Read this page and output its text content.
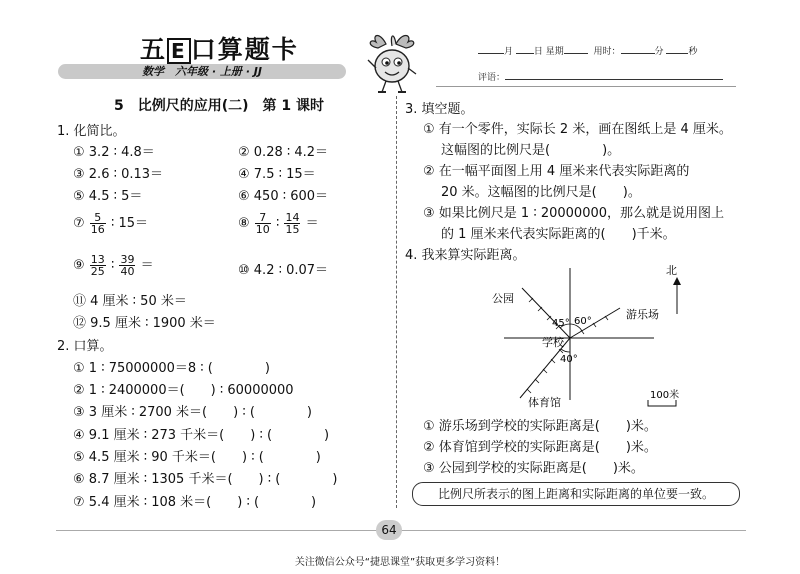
五 E 口算题卡
数学　六年级 · 上册 · JJ
月 日 星期	用时：	分	秒
评语：
5　比例尺的应用(二)　第 1 课时
1. 化简比。
① 3.2 ∶ 4.8＝	② 0.28 ∶ 4.2＝
③ 2.6 ∶ 0.13＝	④ 7.5 ∶ 15＝
⑤ 4.5 ∶ 5＝	⑥ 450 ∶ 600＝
⑦ $\frac{5}{16}$ ∶ 15＝	⑧ $\frac{7}{10}$ ∶ $\frac{14}{15}$ ＝
⑨ $\frac{13}{25}$ ∶ $\frac{39}{40}$ ＝	⑩ 4.2 ∶ 0.07＝
⑪ 4 厘米 ∶ 50 米＝
⑫ 9.5 厘米 ∶ 1900 米＝
2. 口算。
① 1 ∶ 75000000＝8 ∶ (　　　　)
② 1 ∶ 2400000＝(　　) ∶ 60000000
③ 3 厘米 ∶ 2700 米＝(　　) ∶ (　　　　)
④ 9.1 厘米 ∶ 273 千米＝(　　) ∶ (　　　　)
⑤ 4.5 厘米 ∶ 90 千米＝(　　) ∶ (　　　　)
⑥ 8.7 厘米 ∶ 1305 千米＝(　　) ∶ (　　　　)
⑦ 5.4 厘米 ∶ 108 米＝(　　) ∶ (　　　　)
3. 填空题。
① 有一个零件，实际长 2 米，画在图纸上是 4 厘米。
这幅图的比例尺是(　　　　)。
② 在一幅平面图上用 4 厘米来代表实际距离的
20 米。这幅图的比例尺是(　　)。
③ 如果比例尺是 1 ∶ 20000000，那么就是说用图上
的 1 厘米来代表实际距离的(　　)千米。
4. 我来算实际距离。
公园
游乐场
学校
体育馆
45° 60°
40°
北
100米
① 游乐场到学校的实际距离是(　　)米。
② 体育馆到学校的实际距离是(　　)米。
③ 公园到学校的实际距离是(　　)米。
比例尺所表示的图上距离和实际距离的单位要一致。
64
关注微信公众号“捷思课堂”获取更多学习资料！
